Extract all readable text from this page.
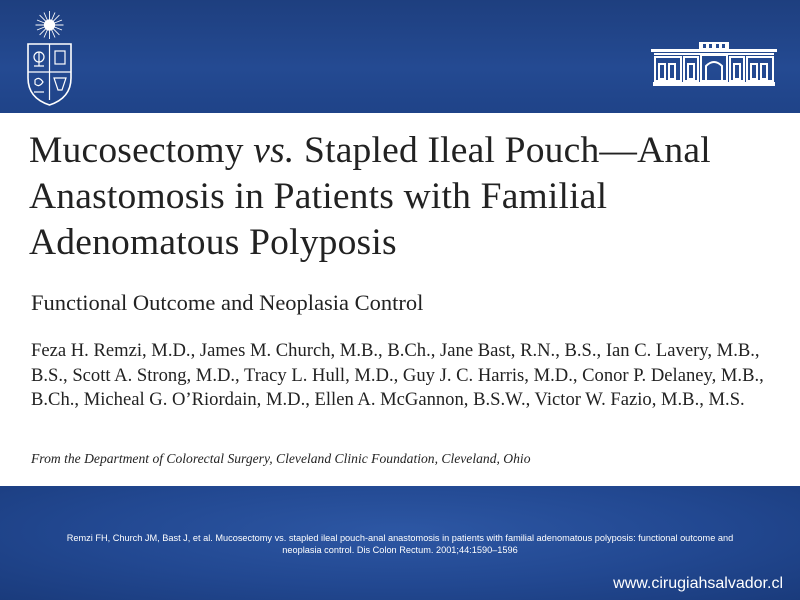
Mucosectomy vs. Stapled Ileal Pouch—Anal Anastomosis in Patients with Familial Adenomatous Polyposis

Functional Outcome and Neoplasia Control

Feza H. Remzi, M.D., James M. Church, M.B., B.Ch., Jane Bast, R.N., B.S., Ian C. Lavery, M.B., B.S., Scott A. Strong, M.D., Tracy L. Hull, M.D., Guy J. C. Harris, M.D., Conor P. Delaney, M.B., B.Ch., Micheal G. O’Riordain, M.D., Ellen A. McGannon, B.S.W., Victor W. Fazio, M.B., M.S.

From the Department of Colorectal Surgery, Cleveland Clinic Foundation, Cleveland, Ohio

Remzi FH, Church JM, Bast J, et al. Mucosectomy vs. stapled ileal pouch-anal anastomosis in patients with familial adenomatous polyposis: functional outcome and neoplasia control. Dis Colon Rectum. 2001;44:1590–1596

www.cirugiahsalvador.cl
